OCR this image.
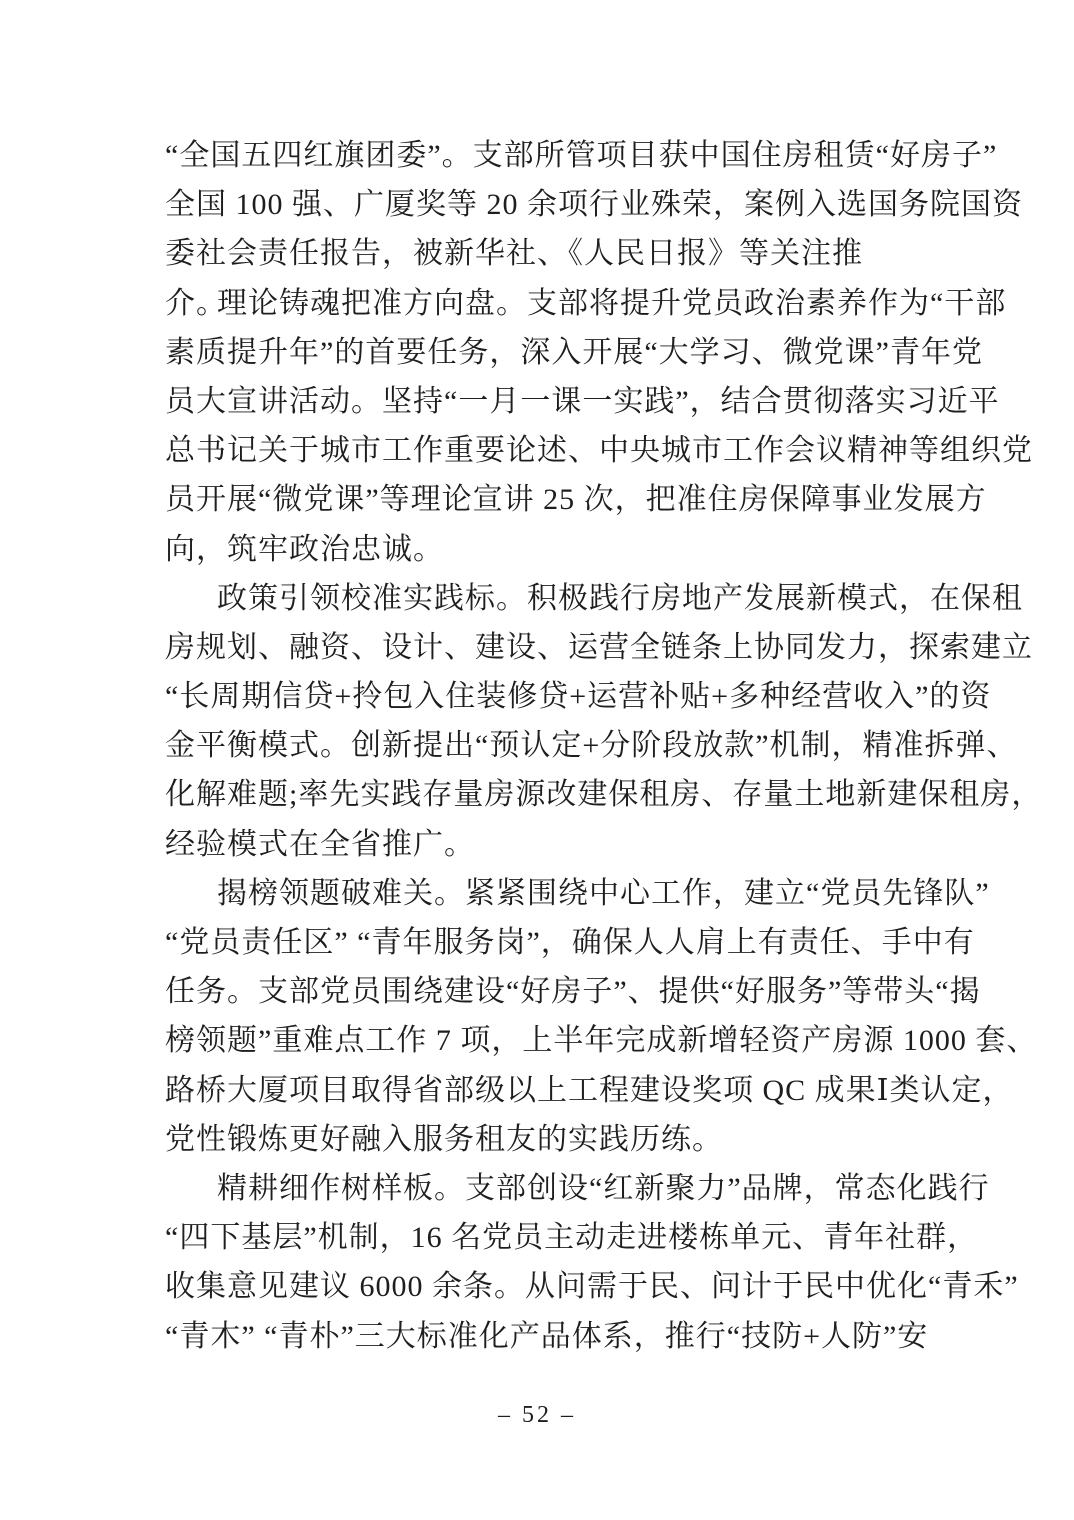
“全国五四红旗团委”。支部所管项目获中国住房租赁“好房子”
全国 100 强、广厦奖等 20 余项行业殊荣，案例入选国务院国资
委社会责任报告，被新华社、《人民日报》等关注推介。
理论铸魂把准方向盘。支部将提升党员政治素养作为“干部
素质提升年”的首要任务，深入开展“大学习、微党课”青年党
员大宣讲活动。坚持“一月一课一实践”，结合贯彻落实习近平
总书记关于城市工作重要论述、中央城市工作会议精神等组织党
员开展“微党课”等理论宣讲 25 次，把准住房保障事业发展方
向，筑牢政治忠诚。
政策引领校准实践标。积极践行房地产发展新模式，在保租
房规划、融资、设计、建设、运营全链条上协同发力，探索建立
“长周期信贷+拎包入住装修贷+运营补贴+多种经营收入”的资
金平衡模式。创新提出“预认定+分阶段放款”机制，精准拆弹、
化解难题;率先实践存量房源改建保租房、存量土地新建保租房，
经验模式在全省推广。
揭榜领题破难关。紧紧围绕中心工作，建立“党员先锋队”
“党员责任区” “青年服务岗”，确保人人肩上有责任、手中有
任务。支部党员围绕建设“好房子”、提供“好服务”等带头“揭
榜领题”重难点工作 7 项，上半年完成新增轻资产房源 1000 套、
路桥大厦项目取得省部级以上工程建设奖项 QC 成果Ⅰ类认定，
党性锻炼更好融入服务租友的实践历练。
精耕细作树样板。支部创设“红新聚力”品牌，常态化践行
“四下基层”机制，16 名党员主动走进楼栋单元、青年社群，
收集意见建议 6000 余条。从问需于民、问计于民中优化“青禾”
“青木” “青朴”三大标准化产品体系，推行“技防+人防”安
– 52 –
